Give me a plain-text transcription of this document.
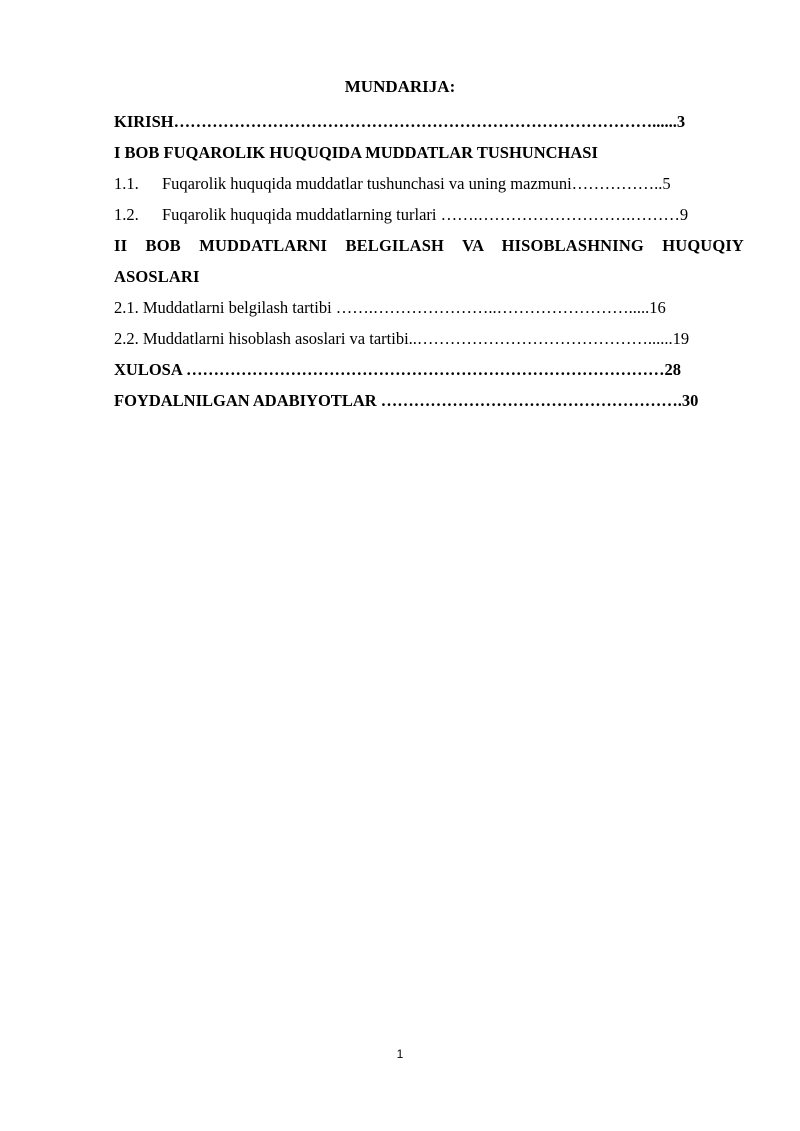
MUNDARIJA:
KIRISH……………………………………………………………………………......3
I BOB FUQAROLIK HUQUQIDA MUDDATLAR TUSHUNCHASI
1.1. Fuqarolik huquqida muddatlar tushunchasi va uning mazmuni……………..5
1.2. Fuqarolik huquqida muddatlarning turlari …….……………………….………9
II BOB MUDDATLARNI BELGILASH VA HISOBLASHNING HUQUQIY
ASOSLARI
2.1. Muddatlarni belgilash tartibi …….…………………..…………………….....16
2.2. Muddatlarni hisoblash asoslari va tartibi..……………………………………......19
XULOSA ……………………………………………………………………………28
FOYDALNILGAN ADABIYOTLAR ……………………………………………….30
1
